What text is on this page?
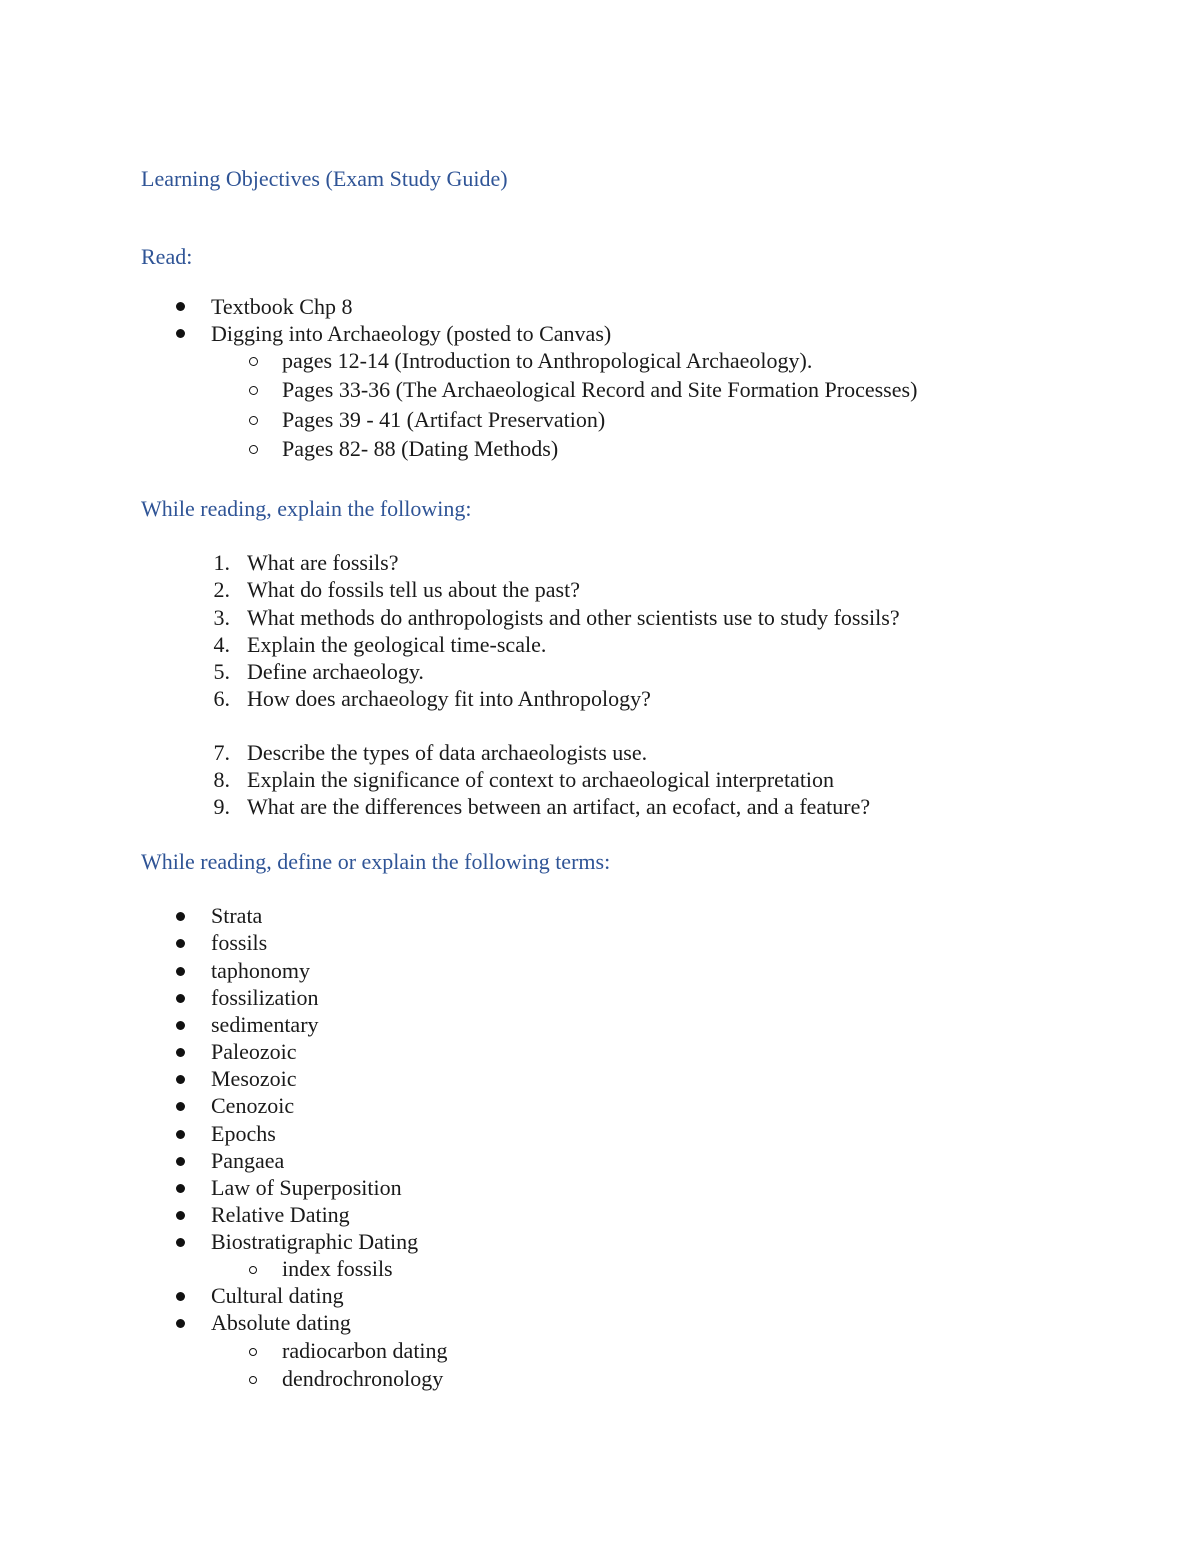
Learning Objectives (Exam Study Guide)
Read:

Textbook Chp 8

Digging into Archaeology (posted to Canvas)

pages 12-14 (Introduction to Anthropological Archaeology).

Pages 33-36 (The Archaeological Record and Site Formation Processes)

Pages 39 - 41 (Artifact Preservation)

Pages 82- 88 (Dating Methods)

While reading, explain the following:
1. What are fossils?

2. What do fossils tell us about the past?

3. What methods do anthropologists and other scientists use to study fossils?

4. Explain the geological time-scale.

5. Define archaeology.

6. How does archaeology fit into Anthropology?

7. Describe the types of data archaeologists use.

8. Explain the significance of context to archaeological interpretation

9. What are the differences between an artifact, an ecofact, and a feature?

While reading, define or explain the following terms:

Strata

fossils

taphonomy

fossilization

sedimentary

Paleozoic

Mesozoic

Cenozoic

Epochs

Pangaea

Law of Superposition

Relative Dating

Biostratigraphic Dating

index fossils

Cultural dating

Absolute dating

radiocarbon dating

dendrochronology
